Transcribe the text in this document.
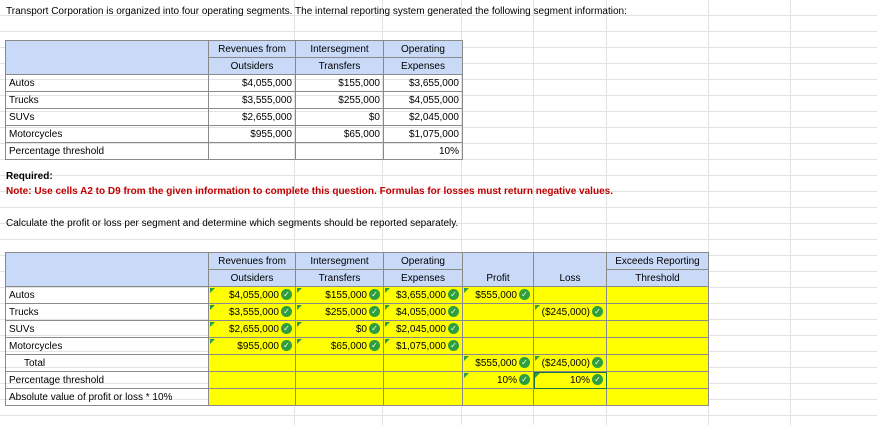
Transport Corporation is organized into four operating segments. The internal reporting system generated the following segment information:
	Revenues from	Intersegment	Operating
	Outsiders	Transfers	Expenses
Autos	$4,055,000	$155,000	$3,655,000
Trucks	$3,555,000	$255,000	$4,055,000
SUVs	$2,655,000	$0	$2,045,000
Motorcycles	$955,000	$65,000	$1,075,000
Percentage threshold			10%
Required:
Note: Use cells A2 to D9 from the given information to complete this question. Formulas for losses must return negative values.
Calculate the profit or loss per segment and determine which segments should be reported separately.
	Revenues from	Intersegment	Operating	Profit	Loss	Exceeds Reporting
	Outsiders	Transfers	Expenses			Threshold
Autos	$4,055,000 ✓	$155,000 ✓	$3,655,000 ✓	$555,000 ✓		
Trucks	$3,555,000 ✓	$255,000 ✓	$4,055,000 ✓		($245,000) ✓	
SUVs	$2,655,000 ✓	$0 ✓	$2,045,000 ✓			
Motorcycles	$955,000 ✓	$65,000 ✓	$1,075,000 ✓			
Total				$555,000 ✓	($245,000) ✓	
Percentage threshold				10% ✓	10% ✓	
Absolute value of profit or loss * 10%						
